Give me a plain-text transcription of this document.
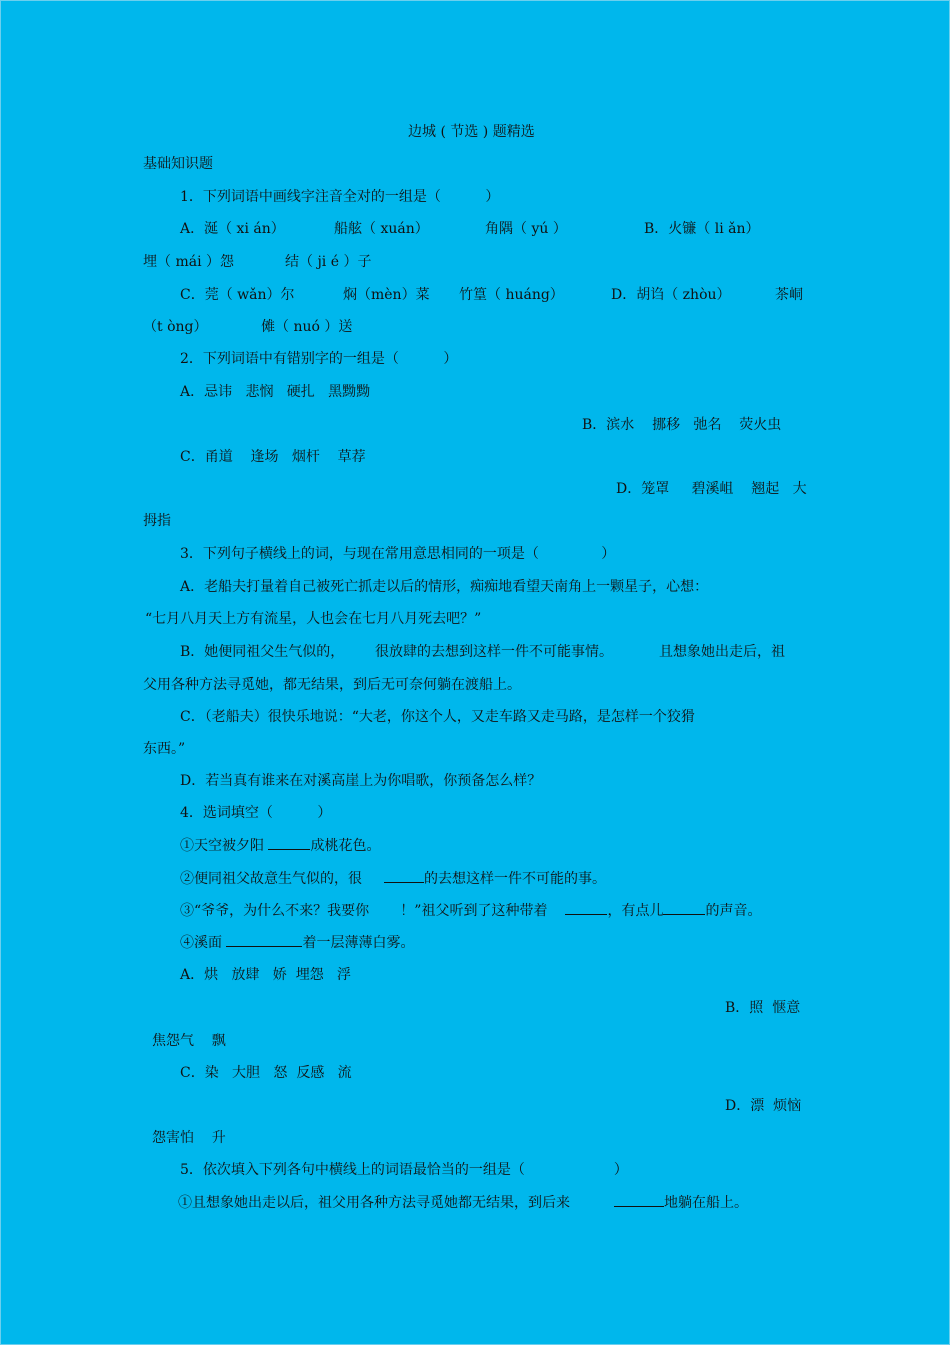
边城 ( 节选 ) 题精选
基础知识题
1．下列词语中画线字注音全对的一组是（          ）
A．涎（ xi án）	船舷（ xuán）	角隅（ yú ）	B．火镰（ li ǎn）
埋（ mái ）怨	结（ ji é ）子
C．莞（ wǎn）尔	焖（mèn）菜 竹篁（ huáng）	D．胡诌（ zhòu）	茶峒
（t òng）	傩（ nuó ）送
2．下列词语中有错别字的一组是（          ）
A．忌讳   悲悯   硬扎   黑黝黝
B．滨水    挪移   弛名    荧火虫
C．甬道    逢场   烟杆    草荐
D．笼罩     碧溪岨    翘起   大
拇指
3．下列句子横线上的词，与现在常用意思相同的一项是（              ）
A．老船夫打量着自己被死亡抓走以后的情形，痴痴地看望天南角上一颗星子，心想：
“七月八月天上方有流星，人也会在七月八月死去吧？”
B．她便同祖父生气似的， 很放肆的去想到这样一件不可能事情。	且想象她出走后，祖
父用各种方法寻觅她，都无结果，到后无可奈何躺在渡船上。
C．（老船夫）很快乐地说：“大老，你这个人，又走车路又走马路，是怎样一个狡猾
东西。”
D．若当真有谁来在对溪高崖上为你唱歌，你预备怎么样？
4．选词填空（          ）
①天空被夕阳	成桃花色。
②便同祖父故意生气似的，很	的去想这样一件不可能的事。
③“爷爷，为什么不来？我要你       ！”祖父听到了这种带着	，有点儿	的声音。
④溪面	着一层薄薄白雾。
A．烘   放肆   娇  埋怨   浮
B．照  惬意
焦怨气    飘
C．染   大胆   怒  反感   流
D．漂  烦恼
怨害怕    升
5．依次填入下列各句中横线上的词语最恰当的一组是（                    ）
①且想象她出走以后，祖父用各种方法寻觅她都无结果，到后来	地躺在船上。
